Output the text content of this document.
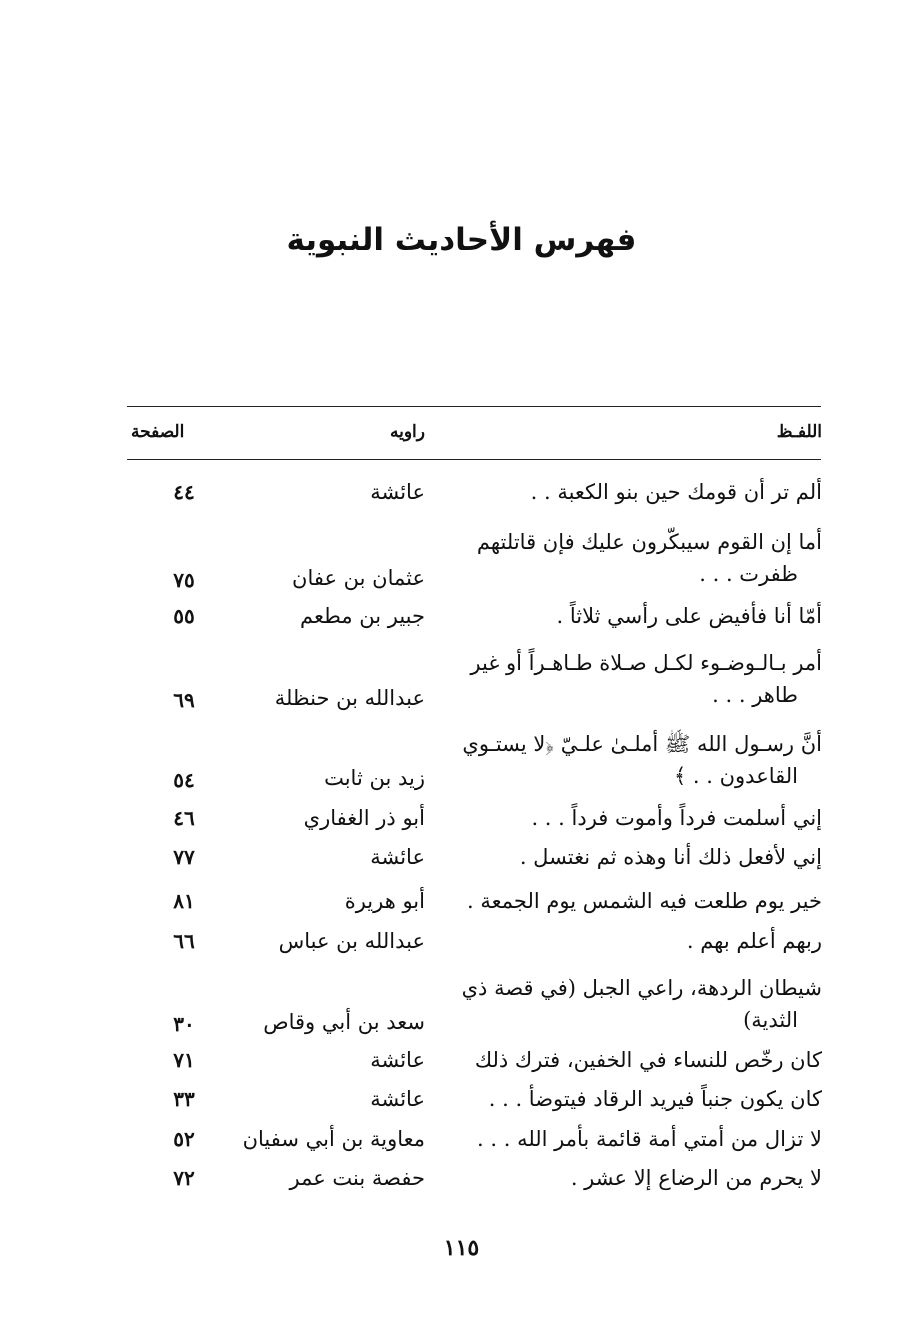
فهرس الأحاديث النبوية
اللفـظ
راويه
الصفحة
ألم تر أن قومك حين بنو الكعبة . .
عائشة
٤٤
أما إن القوم سيبكّرون عليك فإن قاتلتهم
ظفرت . . .
عثمان بن عفان
٧٥
أمّا أنا فأفيض على رأسي ثلاثاً .
جبير بن مطعم
٥٥
أمر بـالـوضـوء لكـل صـلاة طـاهـراً أو غير
طاهر . . .
عبدالله بن حنظلة
٦٩
أنَّ رسـول الله ﷺ أملـىٰ علـيّ ﴿لا يستـوي
القاعدون . . ﴾
زيد بن ثابت
٥٤
إني أسلمت فرداً وأموت فرداً . . .
أبو ذر الغفاري
٤٦
إني لأفعل ذلك أنا وهذه ثم نغتسل .
عائشة
٧٧
خير يوم طلعت فيه الشمس يوم الجمعة .
أبو هريرة
٨١
ربهم أعلم بهم .
عبدالله بن عباس
٦٦
شيطان الردهة، راعي الجبل (في قصة ذي
الثدية)
سعد بن أبي وقاص
٣٠
كان رخّص للنساء في الخفين، فترك ذلك
عائشة
٧١
كان يكون جنباً فيريد الرقاد فيتوضأ . . .
عائشة
٣٣
لا تزال من أمتي أمة قائمة بأمر الله . . .
معاوية بن أبي سفيان
٥٢
لا يحرم من الرضاع إلا عشر .
حفصة بنت عمر
٧٢
١١٥
